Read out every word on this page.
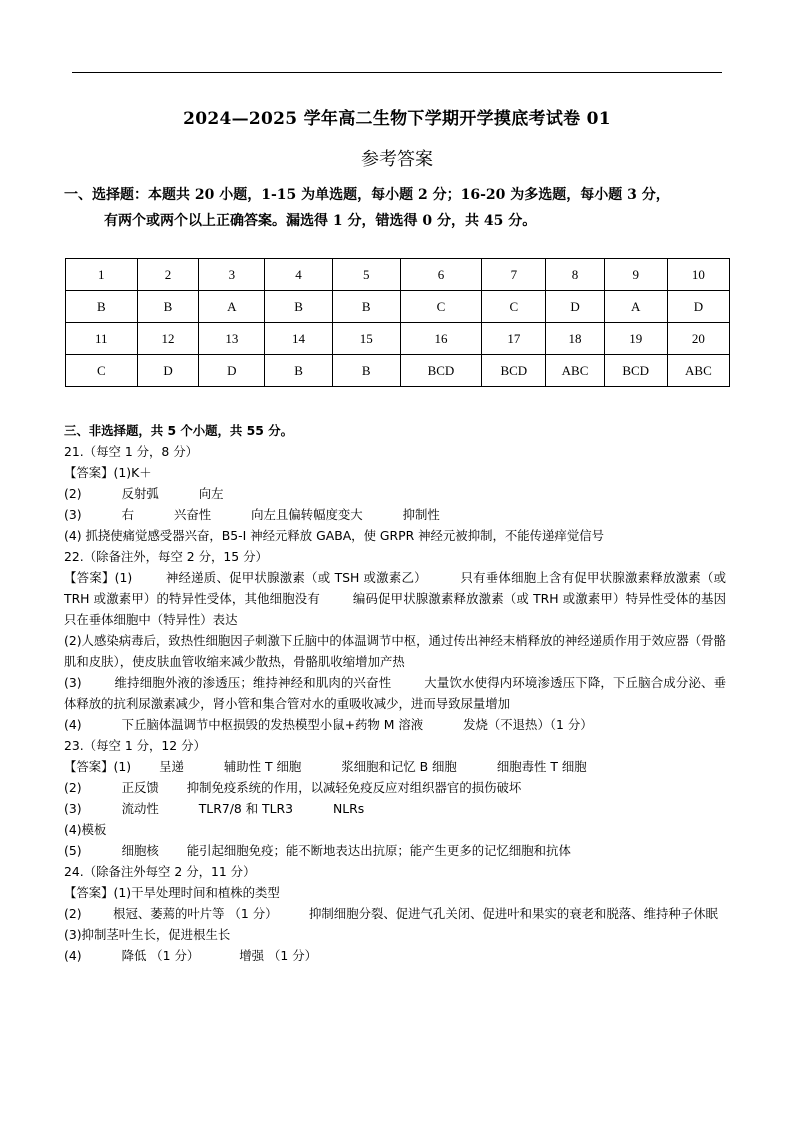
2024—2025 学年高二生物下学期开学摸底考试卷 01
参考答案
一、选择题：本题共 20 小题，1-15 为单选题，每小题 2 分；16-20 为多选题，每小题 3 分，
有两个或两个以上正确答案。漏选得 1 分，错选得 0 分，共 45 分。
1	2	3	4	5	6	7	8	9	10
B	B	A	B	B	C	C	D	A	D
11	12	13	14	15	16	17	18	19	20
C	D	D	B	B	BCD	BCD	ABC	BCD	ABC
三、非选择题，共 5 个小题，共 55 分。
21.（每空 1 分，8 分）
【答案】(1)K＋
(2)	反射弧	向左
(3)	右	兴奋性	向左且偏转幅度变大	抑制性
(4) 抓挠使痛觉感受器兴奋，B5-I 神经元释放 GABA，使 GRPR 神经元被抑制，不能传递痒觉信号
22.（除备注外，每空 2 分，15 分）
【答案】(1)        神经递质、促甲状腺激素（或 TSH 或激素乙）        只有垂体细胞上含有促甲状腺激素释放激素（或 TRH 或激素甲）的特异性受体，其他细胞没有        编码促甲状腺激素释放激素（或 TRH 或激素甲）特异性受体的基因只在垂体细胞中（特异性）表达
(2)人感染病毒后，致热性细胞因子刺激下丘脑中的体温调节中枢，通过传出神经末梢释放的神经递质作用于效应器（骨骼肌和皮肤），使皮肤血管收缩来减少散热，骨骼肌收缩增加产热
(3)        维持细胞外液的渗透压；维持神经和肌肉的兴奋性        大量饮水使得内环境渗透压下降，下丘脑合成分泌、垂体释放的抗利尿激素减少，肾小管和集合管对水的重吸收减少，进而导致尿量增加
(4)	下丘脑体温调节中枢损毁的发热模型小鼠+药物 M 溶液	发烧（不退热）（1 分）
23.（每空 1 分，12 分）
【答案】(1) 呈递	辅助性 T 细胞	浆细胞和记忆 B 细胞	细胞毒性 T 细胞
(2)	正反馈 抑制免疫系统的作用，以减轻免疫反应对组织器官的损伤破坏
(3)	流动性	TLR7/8 和 TLR3	NLRs
(4)模板
(5)	细胞核 能引起细胞免疫；能不断地表达出抗原；能产生更多的记忆细胞和抗体
24.（除备注外每空 2 分，11 分）
【答案】(1)干旱处理时间和植株的类型
(2)        根冠、萎蔫的叶片等 （1 分）        抑制细胞分裂、促进气孔关闭、促进叶和果实的衰老和脱落、维持种子休眠
(3)抑制茎叶生长，促进根生长
(4)	降低 （1 分）	增强 （1 分）
